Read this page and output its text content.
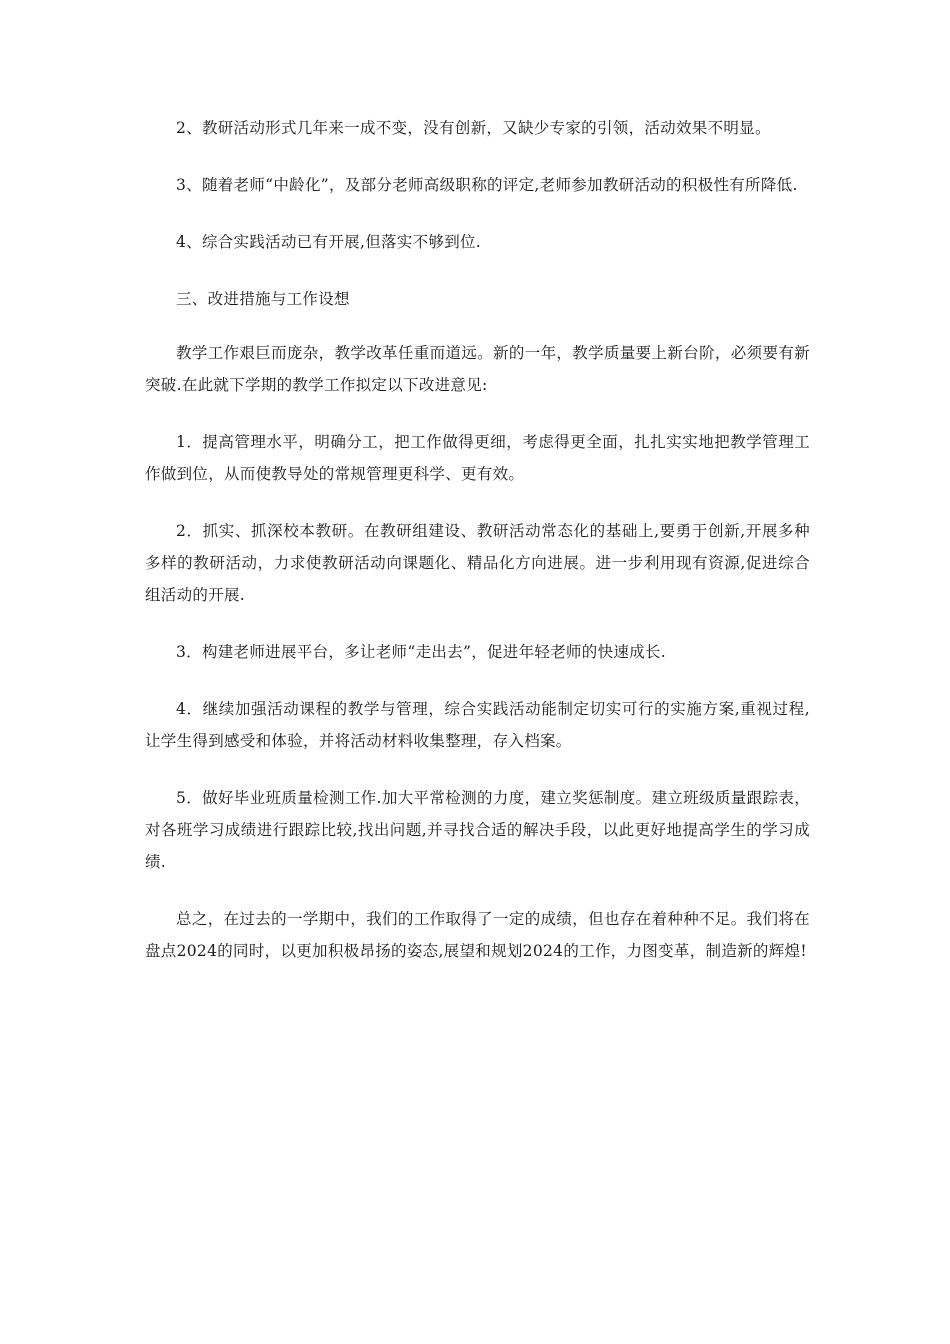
2、教研活动形式几年来一成不变，没有创新，又缺少专家的引领，活动效果不明显。

3、随着老师“中龄化”，及部分老师高级职称的评定,老师参加教研活动的积极性有所降低.

4、综合实践活动已有开展,但落实不够到位.

三、改进措施与工作设想

教学工作艰巨而庞杂，教学改革任重而道远。新的一年，教学质量要上新台阶，必须要有新突破.在此就下学期的教学工作拟定以下改进意见:

1．提高管理水平，明确分工，把工作做得更细，考虑得更全面，扎扎实实地把教学管理工作做到位，从而使教导处的常规管理更科学、更有效。

2．抓实、抓深校本教研。在教研组建设、教研活动常态化的基础上,要勇于创新,开展多种多样的教研活动，力求使教研活动向课题化、精品化方向进展。进一步利用现有资源,促进综合组活动的开展.

3．构建老师进展平台，多让老师“走出去”，促进年轻老师的快速成长.

4．继续加强活动课程的教学与管理，综合实践活动能制定切实可行的实施方案,重视过程,让学生得到感受和体验，并将活动材料收集整理，存入档案。

5．做好毕业班质量检测工作.加大平常检测的力度，建立奖惩制度。建立班级质量跟踪表，对各班学习成绩进行跟踪比较,找出问题,并寻找合适的解决手段，以此更好地提高学生的学习成绩.

总之，在过去的一学期中，我们的工作取得了一定的成绩，但也存在着种种不足。我们将在盘点2024的同时，以更加积极昂扬的姿态,展望和规划2024的工作，力图变革，制造新的辉煌!
